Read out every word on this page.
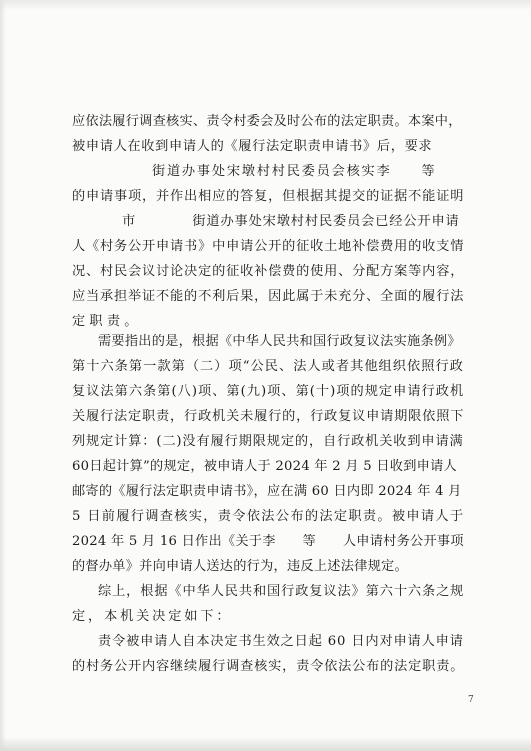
应依法履行调查核实、责令村委会及时公布的法定职责。本案中，
被申请人在收到申请人的《履行法定职责申请书》后，要求
街道办事处宋墩村村民委员会核实李　　等
的申请事项，并作出相应的答复，但根据其提交的证据不能证明
市　　　　街道办事处宋墩村村民委员会已经公开申请
人《村务公开申请书》中申请公开的征收土地补偿费用的收支情
况、村民会议讨论决定的征收补偿费的使用、分配方案等内容，
应当承担举证不能的不利后果，因此属于未充分、全面的履行法
定职责。
需要指出的是，根据《中华人民共和国行政复议法实施条例》
第十六条第一款第（二）项“公民、法人或者其他组织依照行政
复议法第六条第(八)项、第(九)项、第(十)项的规定申请行政机
关履行法定职责，行政机关未履行的，行政复议申请期限依照下
列规定计算：(二)没有履行期限规定的，自行政机关收到申请满
60日起计算”的规定，被申请人于 2024 年 2 月 5 日收到申请人
邮寄的《履行法定职责申请书》，应在满 60 日内即 2024 年 4 月
5 日前履行调查核实，责令依法公布的法定职责。被申请人于
2024 年 5 月 16 日作出《关于李　　等　　人申请村务公开事项
的督办单》并向申请人送达的行为，违反上述法律规定。
综上，根据《中华人民共和国行政复议法》第六十六条之规
定，本机关决定如下：
责令被申请人自本决定书生效之日起 60 日内对申请人申请
的村务公开内容继续履行调查核实，责令依法公布的法定职责。
7
